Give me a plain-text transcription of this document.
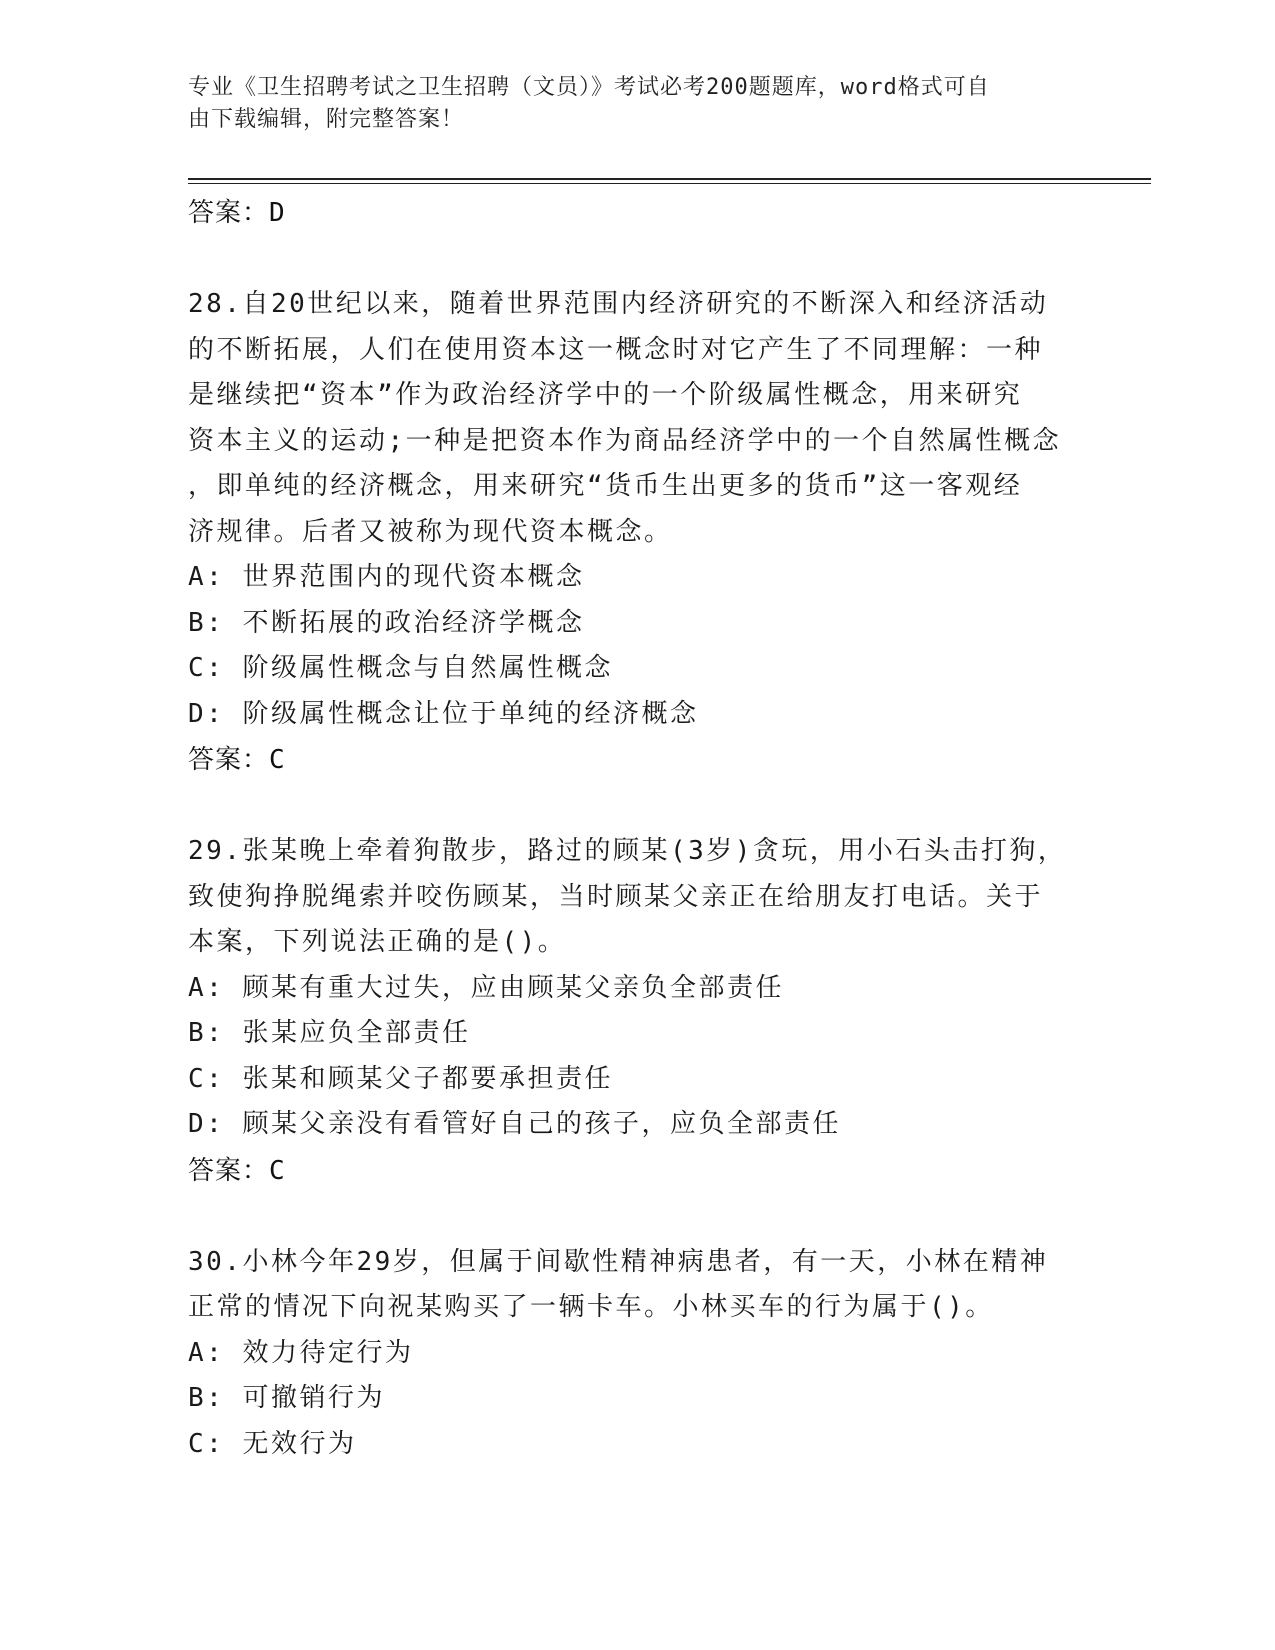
专业《卫生招聘考试之卫生招聘（文员）》考试必考200题题库，word格式可自
由下载编辑，附完整答案！
答案：D
28.自20世纪以来，随着世界范围内经济研究的不断深入和经济活动
的不断拓展，人们在使用资本这一概念时对它产生了不同理解：一种
是继续把“资本”作为政治经济学中的一个阶级属性概念，用来研究
资本主义的运动;一种是把资本作为商品经济学中的一个自然属性概念
，即单纯的经济概念，用来研究“货币生出更多的货币”这一客观经
济规律。后者又被称为现代资本概念。
A: 世界范围内的现代资本概念
B: 不断拓展的政治经济学概念
C: 阶级属性概念与自然属性概念
D: 阶级属性概念让位于单纯的经济概念
答案：C
29.张某晚上牵着狗散步，路过的顾某(3岁)贪玩，用小石头击打狗，
致使狗挣脱绳索并咬伤顾某，当时顾某父亲正在给朋友打电话。关于
本案，下列说法正确的是()。
A: 顾某有重大过失，应由顾某父亲负全部责任
B: 张某应负全部责任
C: 张某和顾某父子都要承担责任
D: 顾某父亲没有看管好自己的孩子，应负全部责任
答案：C
30.小林今年29岁，但属于间歇性精神病患者，有一天，小林在精神
正常的情况下向祝某购买了一辆卡车。小林买车的行为属于()。
A: 效力待定行为
B: 可撤销行为
C: 无效行为
